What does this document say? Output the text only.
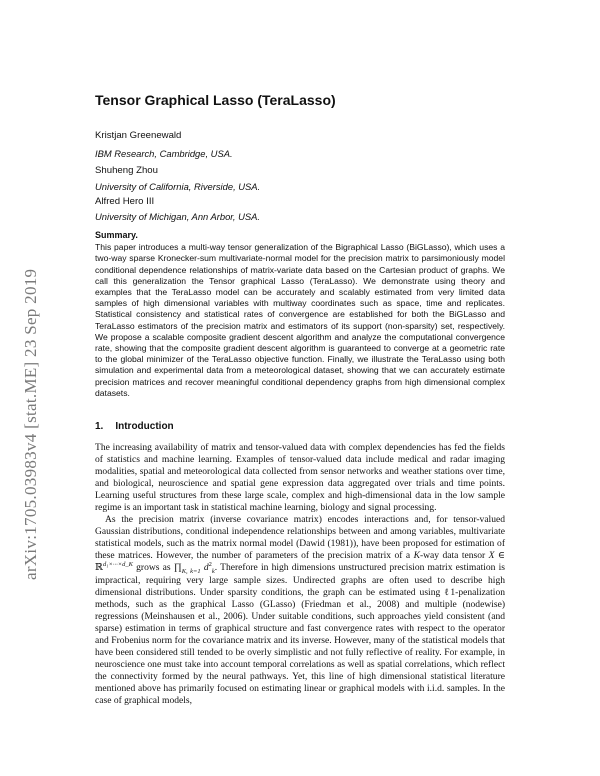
arXiv:1705.03983v4 [stat.ME] 23 Sep 2019
Tensor Graphical Lasso (TeraLasso)
Kristjan Greenewald
IBM Research, Cambridge, USA.
Shuheng Zhou
University of California, Riverside, USA.
Alfred Hero III
University of Michigan, Ann Arbor, USA.
Summary.

This paper introduces a multi-way tensor generalization of the Bigraphical Lasso (BiGLasso), which uses a two-way sparse Kronecker-sum multivariate-normal model for the precision matrix to parsimoniously model conditional dependence relationships of matrix-variate data based on the Cartesian product of graphs. We call this generalization the Tensor graphical Lasso (TeraLasso). We demonstrate using theory and examples that the TeraLasso model can be accurately and scalably estimated from very limited data samples of high dimensional variables with multiway coordinates such as space, time and replicates. Statistical consistency and statistical rates of convergence are established for both the BiGLasso and TeraLasso estimators of the precision matrix and estimators of its support (non-sparsity) set, respectively. We propose a scalable composite gradient descent algorithm and analyze the computational convergence rate, showing that the composite gradient descent algorithm is guaranteed to converge at a geometric rate to the global minimizer of the TeraLasso objective function. Finally, we illustrate the TeraLasso using both simulation and experimental data from a meteorological dataset, showing that we can accurately estimate precision matrices and recover meaningful conditional dependency graphs from high dimensional complex datasets.

1. Introduction

The increasing availability of matrix and tensor-valued data with complex dependencies has fed the fields of statistics and machine learning. Examples of tensor-valued data include medical and radar imaging modalities, spatial and meteorological data collected from sensor networks and weather stations over time, and biological, neuroscience and spatial gene expression data aggregated over trials and time points. Learning useful structures from these large scale, complex and high-dimensional data in the low sample regime is an important task in statistical machine learning, biology and signal processing.

As the precision matrix (inverse covariance matrix) encodes interactions and, for tensor-valued Gaussian distributions, conditional independence relationships between and among variables, multivariate statistical models, such as the matrix normal model (Dawid (1981)), have been proposed for estimation of these matrices. However, the number of parameters of the precision matrix of a K-way data tensor X ∈ ℝ$^{d_1\times\cdot\cdot\cdot\times d\_K}$ grows as $\prod_{K, k=1}$ $d^2_k$. Therefore in high dimensions unstructured precision matrix estimation is impractical, requiring very large sample sizes. Undirected graphs are often used to describe high dimensional distributions. Under sparsity conditions, the graph can be estimated using ℓ1-penalization methods, such as the graphical Lasso (GLasso) (Friedman et al., 2008) and multiple (nodewise) regressions (Meinshausen et al., 2006). Under suitable conditions, such approaches yield consistent (and sparse) estimation in terms of graphical structure and fast convergence rates with respect to the operator and Frobenius norm for the covariance matrix and its inverse. However, many of the statistical models that have been considered still tended to be overly simplistic and not fully reflective of reality. For example, in neuroscience one must take into account temporal correlations as well as spatial correlations, which reflect the connectivity formed by the neural pathways. Yet, this line of high dimensional statistical literature mentioned above has primarily focused on estimating linear or graphical models with i.i.d. samples. In the case of graphical models,
